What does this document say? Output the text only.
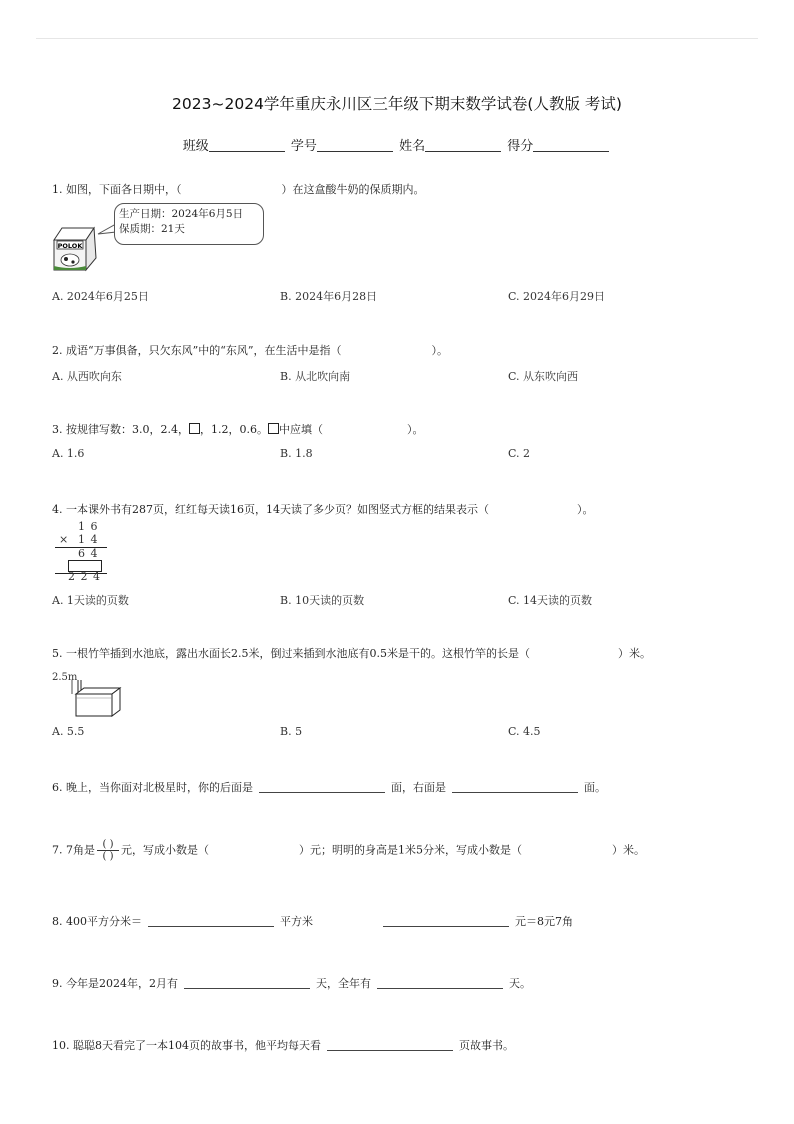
2023~2024学年重庆永川区三年级下期末数学试卷(人教版 考试)
班级	学号	姓名	得分
1. 如图，下面各日期中，（	）在这盒酸牛奶的保质期内。
POLOK
生产日期：2024年6月5日
保质期：21天
A. 2024年6月25日	B. 2024年6月28日	C. 2024年6月29日
2. 成语“万事俱备，只欠东风”中的“东风”，在生活中是指（	）。
A. 从西吹向东	B. 从北吹向南	C. 从东吹向西
3. 按规律写数：3.0，2.4， ，1.2，0.6。 中应填（	）。
A. 1.6	B. 1.8	C. 2
4. 一本课外书有287页，红红每天读16页，14天读了多少页？如图竖式方框的结果表示（	）。
1 6
× 1 4
6 4
2 2 4
A. 1天读的页数	B. 10天读的页数	C. 14天读的页数
5. 一根竹竿插到水池底，露出水面长2.5米，倒过来插到水池底有0.5米是干的。这根竹竿的长是（	）米。
2.5m
A. 5.5	B. 5	C. 4.5
6. 晚上，当你面对北极星时，你的后面是	面，右面是	面。
7. 7角是 $\frac{( )}{( )}$ 元，写成小数是（	）元；明明的身高是1米5分米，写成小数是（	）米。
8. 400平方分米＝	平方米	元＝8元7角
9. 今年是2024年，2月有	天，全年有	天。
10. 聪聪8天看完了一本104页的故事书，他平均每天看	页故事书。
